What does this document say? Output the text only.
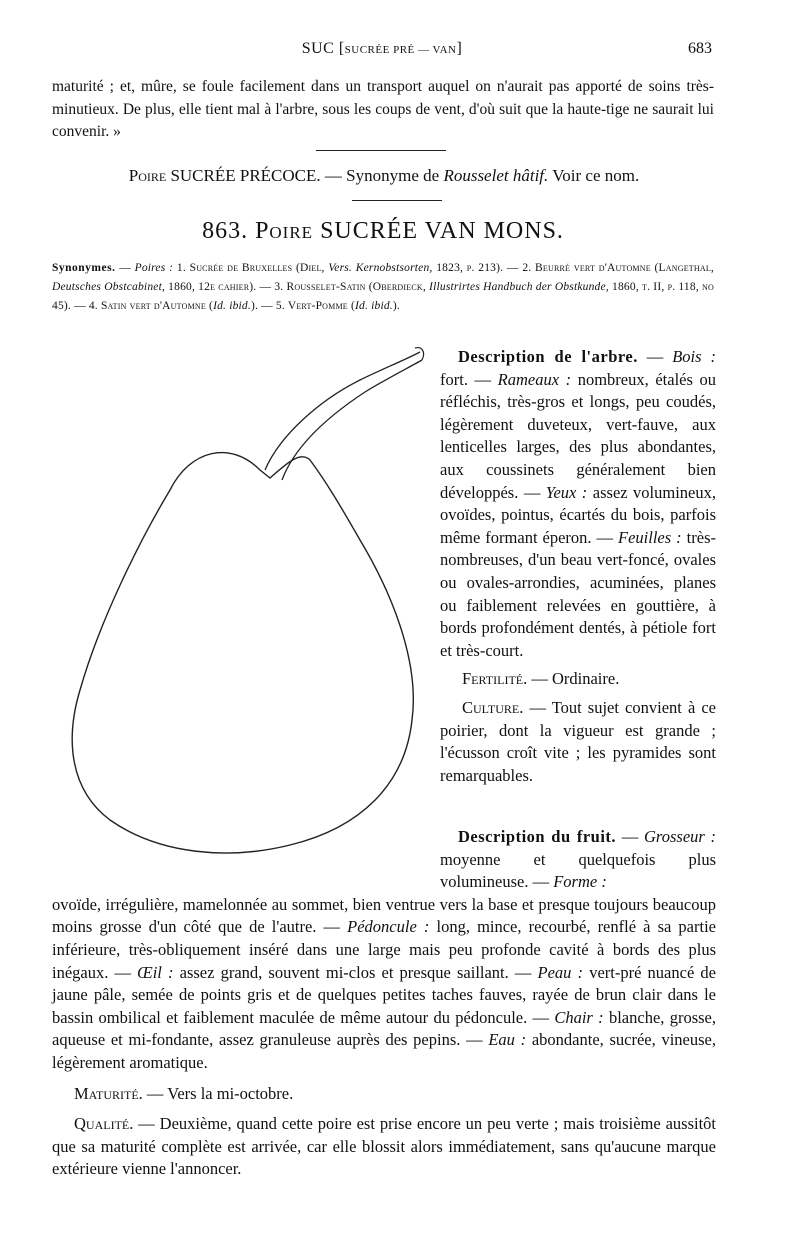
SUC [SUCRÉE PRÉ — VAN]	683
maturité ; et, mûre, se foule facilement dans un transport auquel on n'aurait pas apporté de soins très-minutieux. De plus, elle tient mal à l'arbre, sous les coups de vent, d'où suit que la haute-tige ne saurait lui convenir. »
Poire SUCRÉE PRÉCOCE. — Synonyme de Rousselet hâtif. Voir ce nom.
863. Poire SUCRÉE VAN MONS.
Synonymes. — Poires : 1. Sucrée de Bruxelles (Diel, Vers. Kernobstsorten, 1823, p. 213). — 2. Beurré vert d'Automne (Langethal, Deutsches Obstcabinet, 1860, 12e cahier). — 3. Rousselet-Satin (Oberdieck, Illustrirtes Handbuch der Obstkunde, 1860, t. II, p. 118, no 45). — 4. Satin vert d'Automne (Id. ibid.). — 5. Vert-Pomme (Id. ibid.).

Description de l'arbre. — Bois : fort. — Rameaux : nombreux, étalés ou réfléchis, très-gros et longs, peu coudés, légèrement duveteux, vert-fauve, aux lenticelles larges, des plus abondantes, aux coussinets généralement bien développés. — Yeux : assez volumineux, ovoïdes, pointus, écartés du bois, parfois même formant éperon. — Feuilles : très-nombreuses, d'un beau vert-foncé, ovales ou ovales-arrondies, acuminées, planes ou faiblement relevées en gouttière, à bords profondément dentés, à pétiole fort et très-court.

Fertilité. — Ordinaire.

Culture. — Tout sujet convient à ce poirier, dont la vigueur est grande ; l'écusson croît vite ; les pyramides sont remarquables.

Description du fruit. — Grosseur : moyenne et quelquefois plus volumineuse. — Forme :

ovoïde, irrégulière, mamelonnée au sommet, bien ventrue vers la base et presque toujours beaucoup moins grosse d'un côté que de l'autre. — Pédoncule : long, mince, recourbé, renflé à sa partie inférieure, très-obliquement inséré dans une large mais peu profonde cavité à bords des plus inégaux. — Œil : assez grand, souvent mi-clos et presque saillant. — Peau : vert-pré nuancé de jaune pâle, semée de points gris et de quelques petites taches fauves, rayée de brun clair dans le bassin ombilical et faiblement maculée de même autour du pédoncule. — Chair : blanche, grosse, aqueuse et mi-fondante, assez granuleuse auprès des pepins. — Eau : abondante, sucrée, vineuse, légèrement aromatique.

Maturité. — Vers la mi-octobre.

Qualité. — Deuxième, quand cette poire est prise encore un peu verte ; mais troisième aussitôt que sa maturité complète est arrivée, car elle blossit alors immédiatement, sans qu'aucune marque extérieure vienne l'annoncer.
